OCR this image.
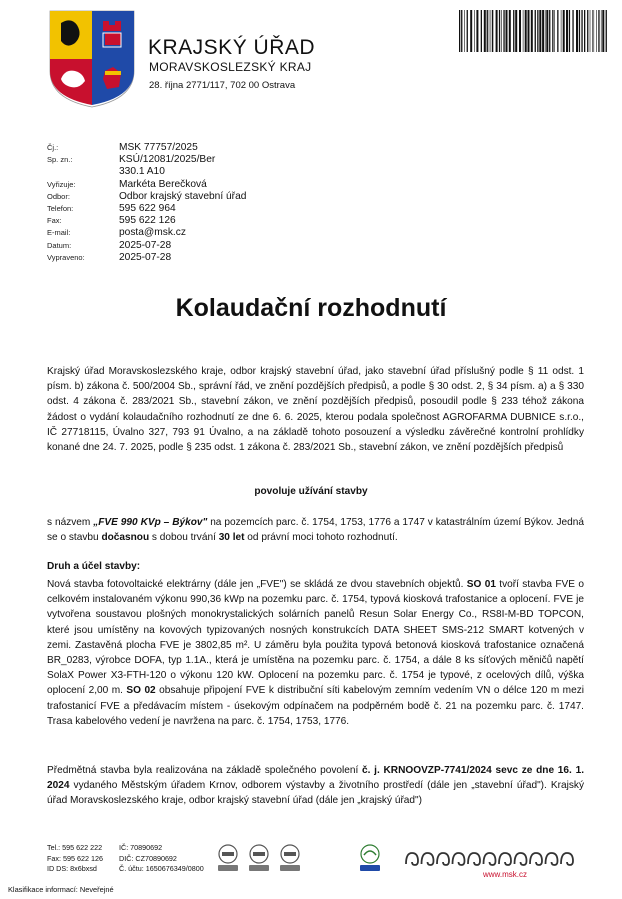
KRAJSKÝ ÚŘAD
MORAVSKOSLEZSKÝ KRAJ
28. října 2771/117, 702 00 Ostrava
Čj.:	MSK 77757/2025
Sp. zn.:	KSÚ/12081/2025/Ber
330.1 A10
Vyřizuje:	Markéta Berečková
Odbor:	Odbor krajský stavební úřad
Telefon:	595 622 964
Fax:	595 622 126
E-mail:	posta@msk.cz
Datum:	2025-07-28
Vypraveno:	2025-07-28
Kolaudační rozhodnutí
Krajský úřad Moravskoslezského kraje, odbor krajský stavební úřad, jako stavební úřad příslušný podle § 11 odst. 1 písm. b) zákona č. 500/2004 Sb., správní řád, ve znění pozdějších předpisů, a podle § 30 odst. 2, § 34 písm. a) a § 330 odst. 4 zákona č. 283/2021 Sb., stavební zákon, ve znění pozdějších předpisů, posoudil podle § 233 téhož zákona žádost o vydání kolaudačního rozhodnutí ze dne 6. 6. 2025, kterou podala společnost AGROFARMA DUBNICE s.r.o., IČ 27718115, Úvalno 327, 793 91 Úvalno, a na základě tohoto posouzení a výsledku závěrečné kontrolní prohlídky konané dne 24. 7. 2025, podle § 235 odst. 1 zákona č. 283/2021 Sb., stavební zákon, ve znění pozdějších předpisů
povoluje užívání stavby
s názvem „FVE 990 KVp – Býkov" na pozemcích parc. č. 1754, 1753, 1776 a 1747 v katastrálním území Býkov. Jedná se o stavbu dočasnou s dobou trvání 30 let od právní moci tohoto rozhodnutí.
Druh a účel stavby:
Nová stavba fotovoltaické elektrárny (dále jen „FVE") se skládá ze dvou stavebních objektů. SO 01 tvoří stavba FVE o celkovém instalovaném výkonu 990,36 kWp na pozemku parc. č. 1754, typová kiosková trafostanice a oplocení. FVE je vytvořena soustavou plošných monokrystalických solárních panelů Resun Solar Energy Co., RS8I-M-BD TOPCON, které jsou umístěny na kovových typizovaných nosných konstrukcích DATA SHEET SMS-212 SMART kotvených v zemi. Zastavěná plocha FVE je 3802,85 m². U záměru byla použita typová betonová kiosková trafostanice označená BR_0283, výrobce DOFA, typ 1.1A., která je umístěna na pozemku parc. č. 1754, a dále 8 ks síťových měničů napětí SolaX Power X3-FTH-120 o výkonu 120 kW. Oplocení na pozemku parc. č. 1754 je typové, z ocelových dílů, výška oplocení 2,00 m. SO 02 obsahuje připojení FVE k distribuční síti kabelovým zemním vedením VN o délce 120 m mezi trafostanicí FVE a předávacím místem - úsekovým odpínačem na podpěrném bodě č. 21 na pozemku parc. č. 1747. Trasa kabelového vedení je navržena na parc. č. 1754, 1753, 1776.
Předmětná stavba byla realizována na základě společného povolení č. j. KRNOOVZP-7741/2024 sevc ze dne 16. 1. 2024 vydaného Městským úřadem Krnov, odborem výstavby a životního prostředí (dále jen „stavební úřad"). Krajský úřad Moravskoslezského kraje, odbor krajský stavební úřad (dále jen „krajský úřad")
Tel.: 595 622 222
Fax: 595 622 126
ID DS: 8x6bxsd
IČ: 70890692
DIČ: CZ70890692
Č. účtu: 1650676349/0800
www.msk.cz
Klasifikace informací: Neveřejné
